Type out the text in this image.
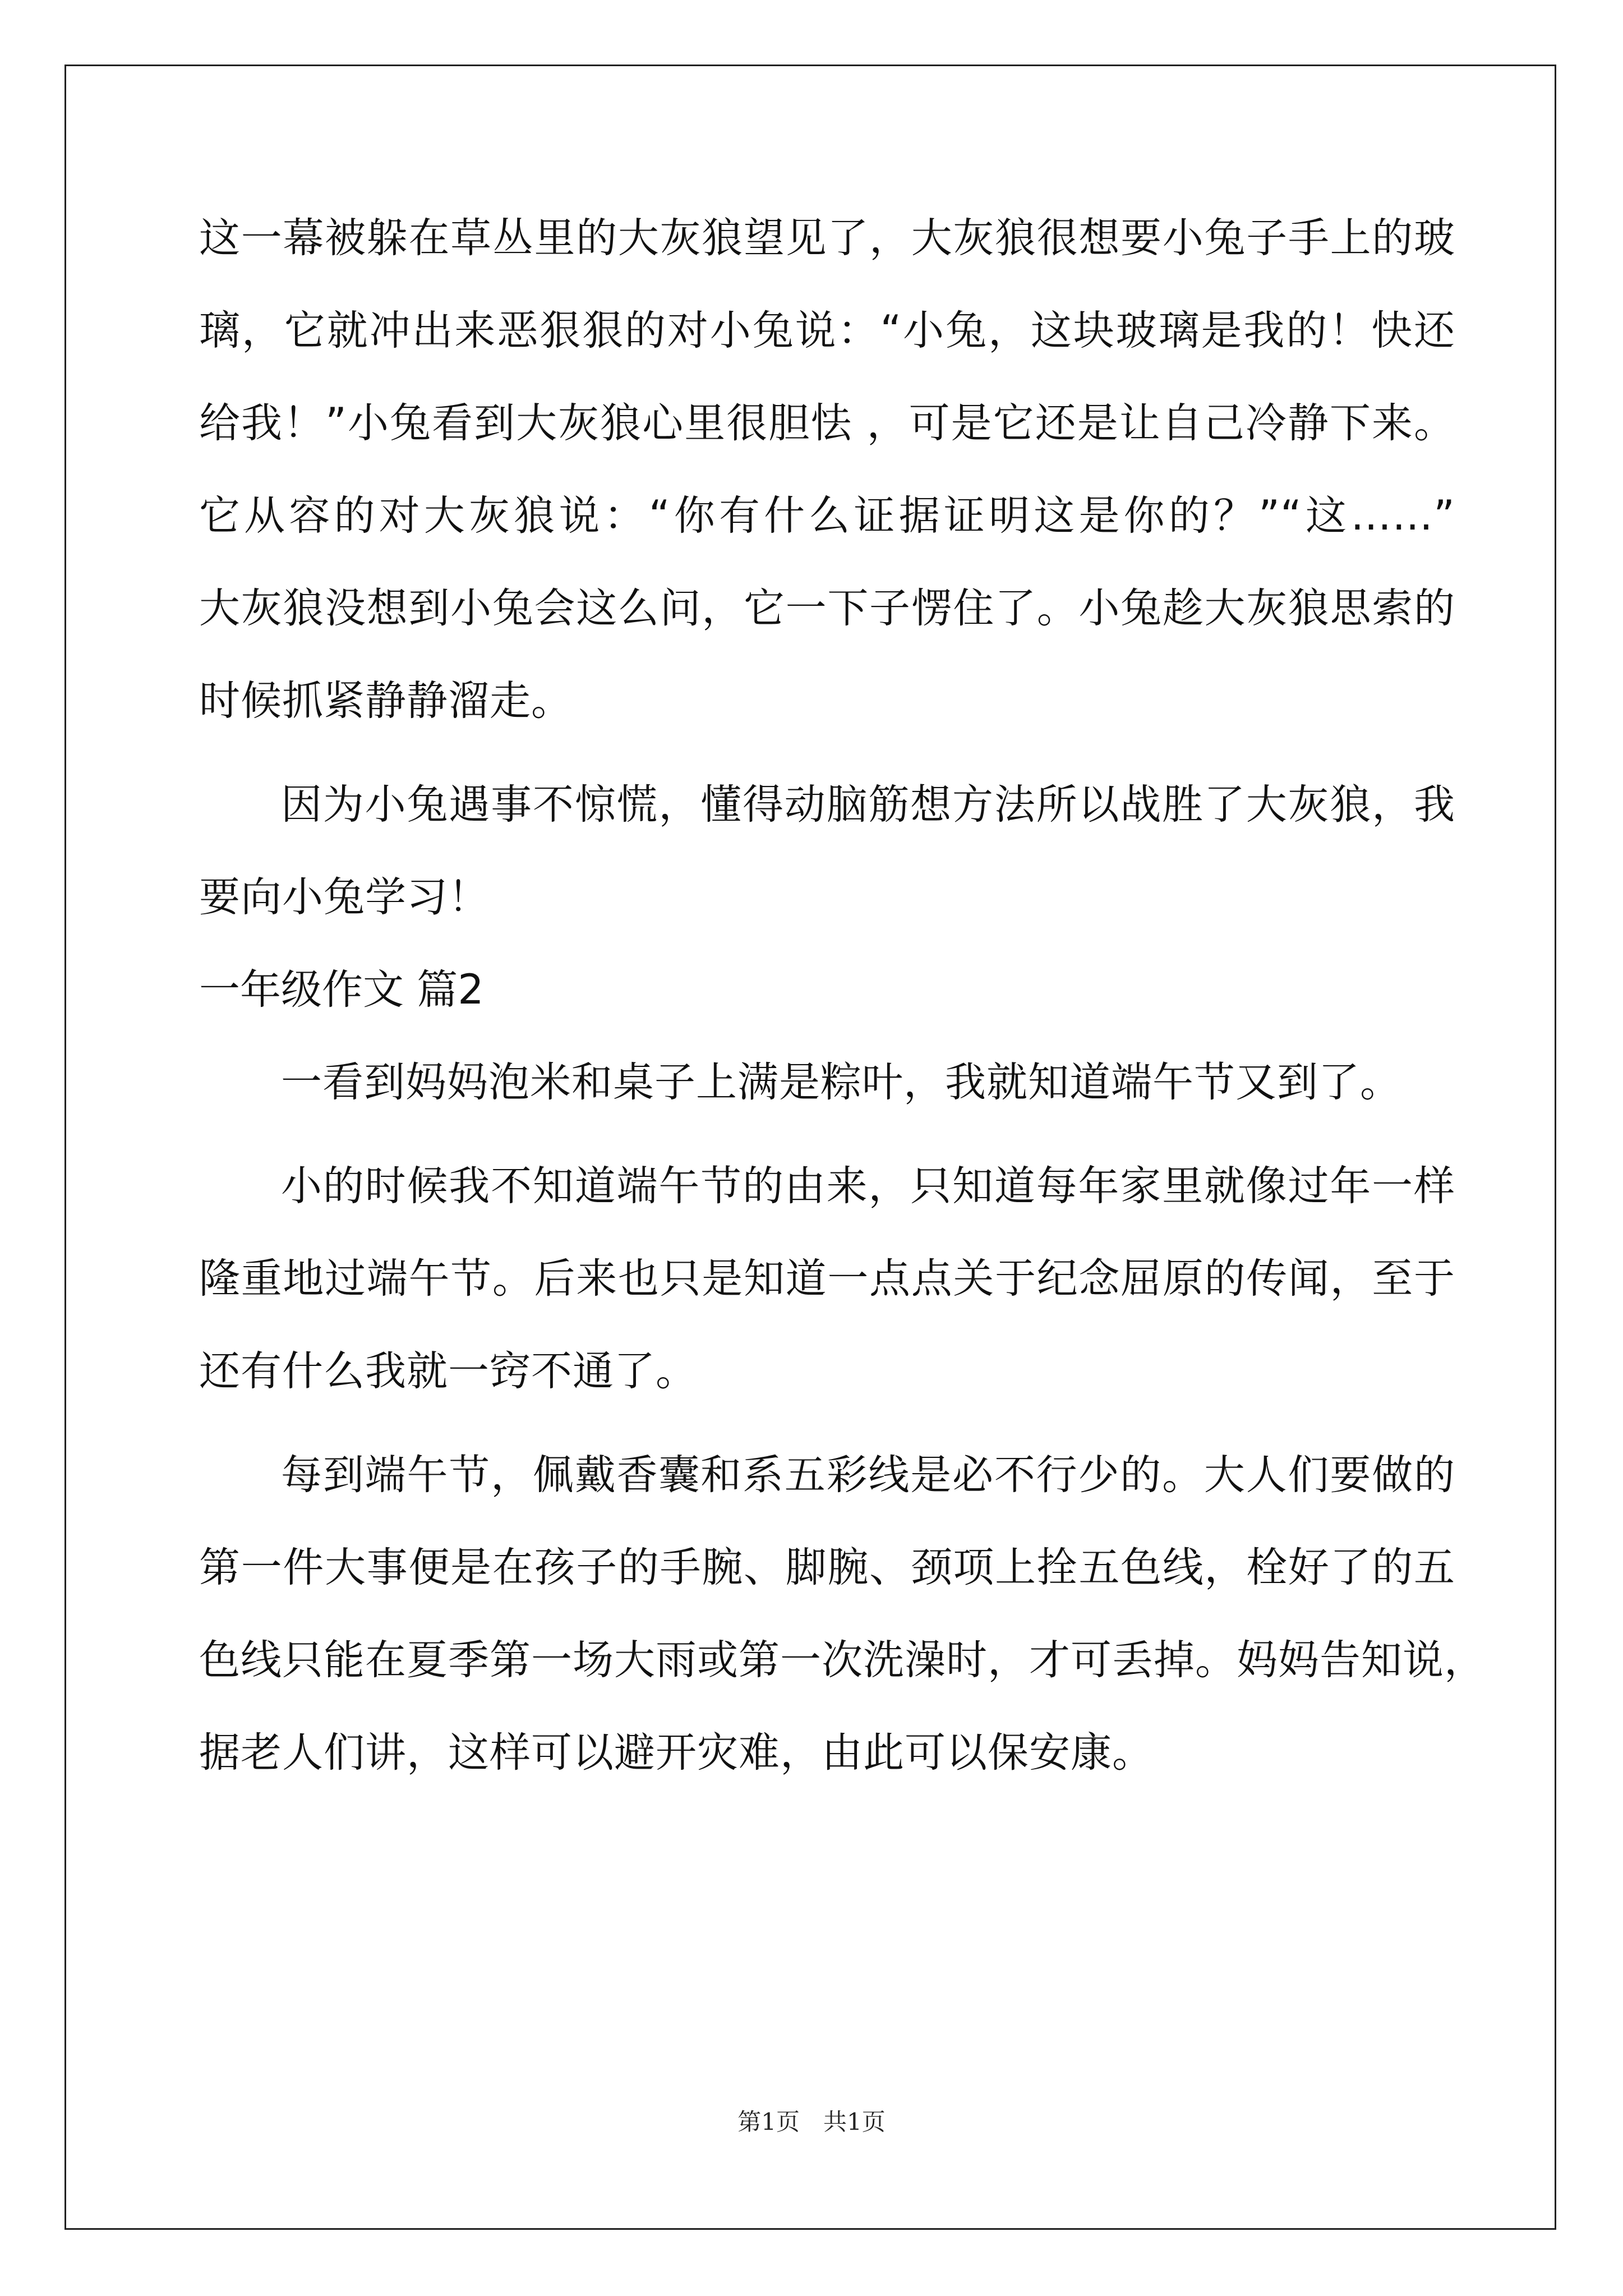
这一幕被躲在草丛里的大灰狼望见了，大灰狼很想要小兔子手上的玻
璃，它就冲出来恶狠狠的对小兔说：“小兔，这块玻璃是我的！快还
给我！”小兔看到大灰狼心里很胆怯 ，可是它还是让自己冷静下来。
它从容的对大灰狼说：“你有什么证据证明这是你的？”“这……”
大灰狼没想到小兔会这么问，它一下子愣住了。小兔趁大灰狼思索的
时候抓紧静静溜走。
因为小兔遇事不惊慌，懂得动脑筋想方法所以战胜了大灰狼，我
要向小兔学习！
一年级作文 篇2
一看到妈妈泡米和桌子上满是粽叶，我就知道端午节又到了。
小的时候我不知道端午节的由来，只知道每年家里就像过年一样
隆重地过端午节。后来也只是知道一点点关于纪念屈原的传闻，至于
还有什么我就一窍不通了。
每到端午节，佩戴香囊和系五彩线是必不行少的。大人们要做的
第一件大事便是在孩子的手腕、脚腕、颈项上拴五色线，栓好了的五
色线只能在夏季第一场大雨或第一次洗澡时，才可丢掉。妈妈告知说，
据老人们讲，这样可以避开灾难，由此可以保安康。
第1页　共1页
